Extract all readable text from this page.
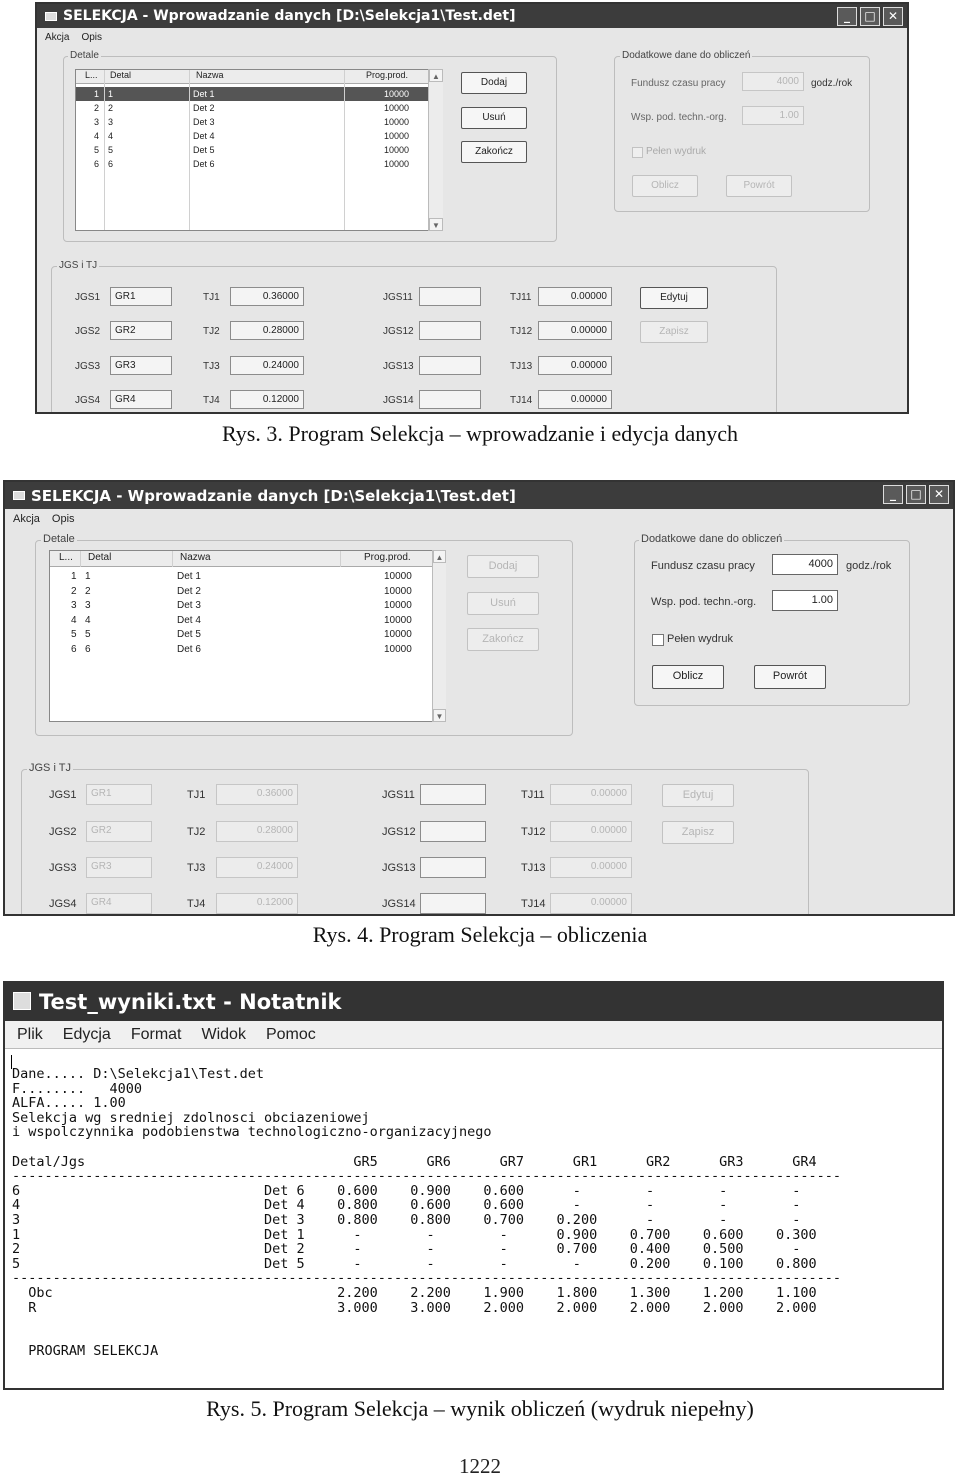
SELEKCJA - Wprowadzanie danych [D:\Selekcja1\Test.det]	_	□	✕
Akcja Opis
Detale
L... Detal	Nazwa	Prog.prod.
1 1	Det 1	10000
2 2	Det 2	10000
3 3	Det 3	10000
4 4	Det 4	10000
5 5	Det 5	10000
6 6	Det 6	10000
▲
▼
Dodaj
Usuń
Zakończ
Dodatkowe dane do obliczeń
Fundusz czasu pracy	4000	godz./rok
Wsp. pod. techn.-org.	1.00
Pełen wydruk
Oblicz	Powrót
JGS i TJ
JGS1	GR1	TJ1	0.36000	JGS11	TJ11	0.00000
JGS2	GR2	TJ2	0.28000	JGS12	TJ12	0.00000
JGS3	GR3	TJ3	0.24000	JGS13	TJ13	0.00000
JGS4	GR4	TJ4	0.12000	JGS14	TJ14	0.00000
Edytuj
Zapisz
Rys. 3. Program Selekcja – wprowadzanie i edycja danych
SELEKCJA - Wprowadzanie danych [D:\Selekcja1\Test.det]	_	□	✕
Akcja Opis
Detale
L... Detal	Nazwa	Prog.prod.
1 1	Det 1	10000
2 2	Det 2	10000
3 3	Det 3	10000
4 4	Det 4	10000
5 5	Det 5	10000
6 6	Det 6	10000
▲
▼
Dodaj
Usuń
Zakończ
Dodatkowe dane do obliczeń
Fundusz czasu pracy	4000	godz./rok
Wsp. pod. techn.-org.	1.00
Pełen wydruk
Oblicz	Powrót
JGS i TJ
JGS1	GR1	TJ1	0.36000	JGS11	TJ11	0.00000
JGS2	GR2	TJ2	0.28000	JGS12	TJ12	0.00000
JGS3	GR3	TJ3	0.24000	JGS13	TJ13	0.00000
JGS4	GR4	TJ4	0.12000	JGS14	TJ14	0.00000
Edytuj
Zapisz
Rys. 4. Program Selekcja – obliczenia
Test_wyniki.txt - Notatnik
Plik Edycja Format Widok Pomoc
Dane..... D:\Selekcja1\Test.det
F........   4000
ALFA..... 1.00
Selekcja wg sredniej zdolnosci obciazeniowej
i wspolczynnika podobienstwa technologiczno-organizacyjnego

Detal/Jgs                                 GR5      GR6      GR7      GR1      GR2      GR3      GR4
------------------------------------------------------------------------------------------------------
6                              Det 6    0.600    0.900    0.600      -        -        -        -
4                              Det 4    0.800    0.600    0.600      -        -        -        -
3                              Det 3    0.800    0.800    0.700    0.200      -        -        -
1                              Det 1      -        -        -      0.900    0.700    0.600    0.300
2                              Det 2      -        -        -      0.700    0.400    0.500      -
5                              Det 5      -        -        -        -      0.200    0.100    0.800
------------------------------------------------------------------------------------------------------
Obc                                   2.200    2.200    1.900    1.800    1.300    1.200    1.100
R                                     3.000    3.000    2.000    2.000    2.000    2.000    2.000

PROGRAM SELEKCJA
Rys. 5. Program Selekcja – wynik obliczeń (wydruk niepełny)
1222
